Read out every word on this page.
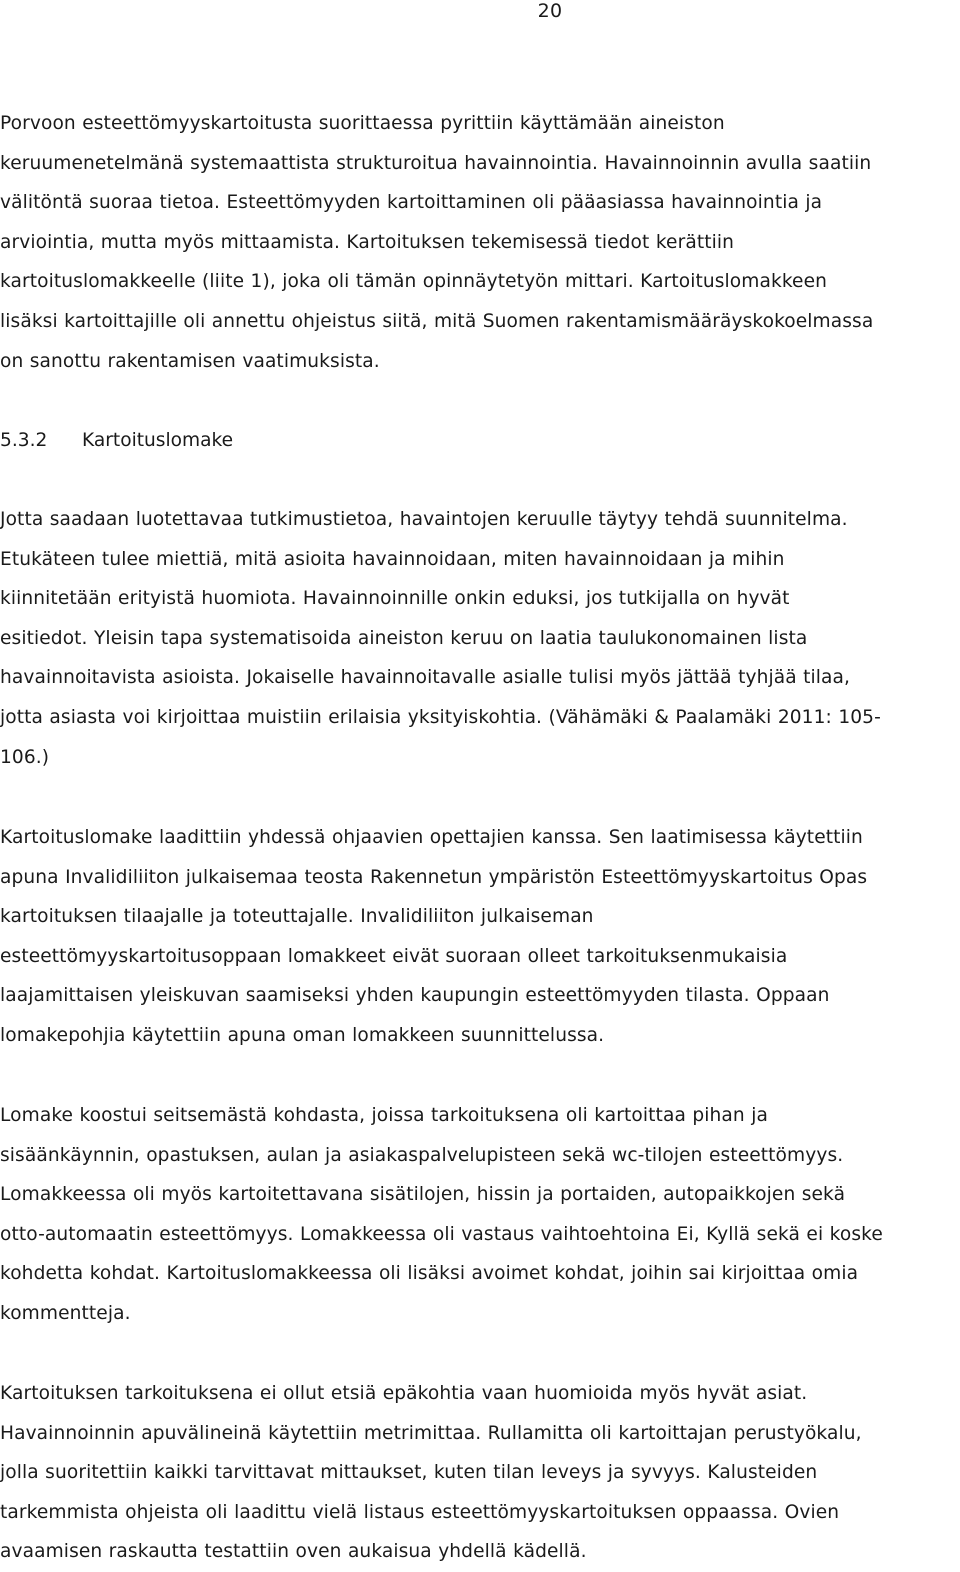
20

Porvoon esteettömyyskartoitusta suorittaessa pyrittiin käyttämään aineiston
keruumenetelmänä systemaattista strukturoitua havainnointia. Havainnoinnin avulla saatiin
välitöntä suoraa tietoa. Esteettömyyden kartoittaminen oli pääasiassa havainnointia ja
arviointia, mutta myös mittaamista. Kartoituksen tekemisessä tiedot kerättiin
kartoituslomakkeelle (liite 1), joka oli tämän opinnäytetyön mittari. Kartoituslomakkeen
lisäksi kartoittajille oli annettu ohjeistus siitä, mitä Suomen rakentamismääräyskokoelmassa
on sanottu rakentamisen vaatimuksista.

5.3.2 Kartoituslomake

Jotta saadaan luotettavaa tutkimustietoa, havaintojen keruulle täytyy tehdä suunnitelma.
Etukäteen tulee miettiä, mitä asioita havainnoidaan, miten havainnoidaan ja mihin
kiinnitetään erityistä huomiota. Havainnoinnille onkin eduksi, jos tutkijalla on hyvät
esitiedot. Yleisin tapa systematisoida aineiston keruu on laatia taulukonomainen lista
havainnoitavista asioista. Jokaiselle havainnoitavalle asialle tulisi myös jättää tyhjää tilaa,
jotta asiasta voi kirjoittaa muistiin erilaisia yksityiskohtia. (Vähämäki & Paalamäki 2011: 105-
106.)

Kartoituslomake laadittiin yhdessä ohjaavien opettajien kanssa. Sen laatimisessa käytettiin
apuna Invalidiliiton julkaisemaa teosta Rakennetun ympäristön Esteettömyyskartoitus Opas
kartoituksen tilaajalle ja toteuttajalle. Invalidiliiton julkaiseman
esteettömyyskartoitusoppaan lomakkeet eivät suoraan olleet tarkoituksenmukaisia
laajamittaisen yleiskuvan saamiseksi yhden kaupungin esteettömyyden tilasta. Oppaan
lomakepohjia käytettiin apuna oman lomakkeen suunnittelussa.

Lomake koostui seitsemästä kohdasta, joissa tarkoituksena oli kartoittaa pihan ja
sisäänkäynnin, opastuksen, aulan ja asiakaspalvelupisteen sekä wc-tilojen esteettömyys.
Lomakkeessa oli myös kartoitettavana sisätilojen, hissin ja portaiden, autopaikkojen sekä
otto-automaatin esteettömyys. Lomakkeessa oli vastaus vaihtoehtoina Ei, Kyllä sekä ei koske
kohdetta kohdat. Kartoituslomakkeessa oli lisäksi avoimet kohdat, joihin sai kirjoittaa omia
kommentteja.

Kartoituksen tarkoituksena ei ollut etsiä epäkohtia vaan huomioida myös hyvät asiat.
Havainnoinnin apuvälineinä käytettiin metrimittaa. Rullamitta oli kartoittajan perustyökalu,
jolla suoritettiin kaikki tarvittavat mittaukset, kuten tilan leveys ja syvyys. Kalusteiden
tarkemmista ohjeista oli laadittu vielä listaus esteettömyyskartoituksen oppaassa. Ovien
avaamisen raskautta testattiin oven aukaisua yhdellä kädellä.
